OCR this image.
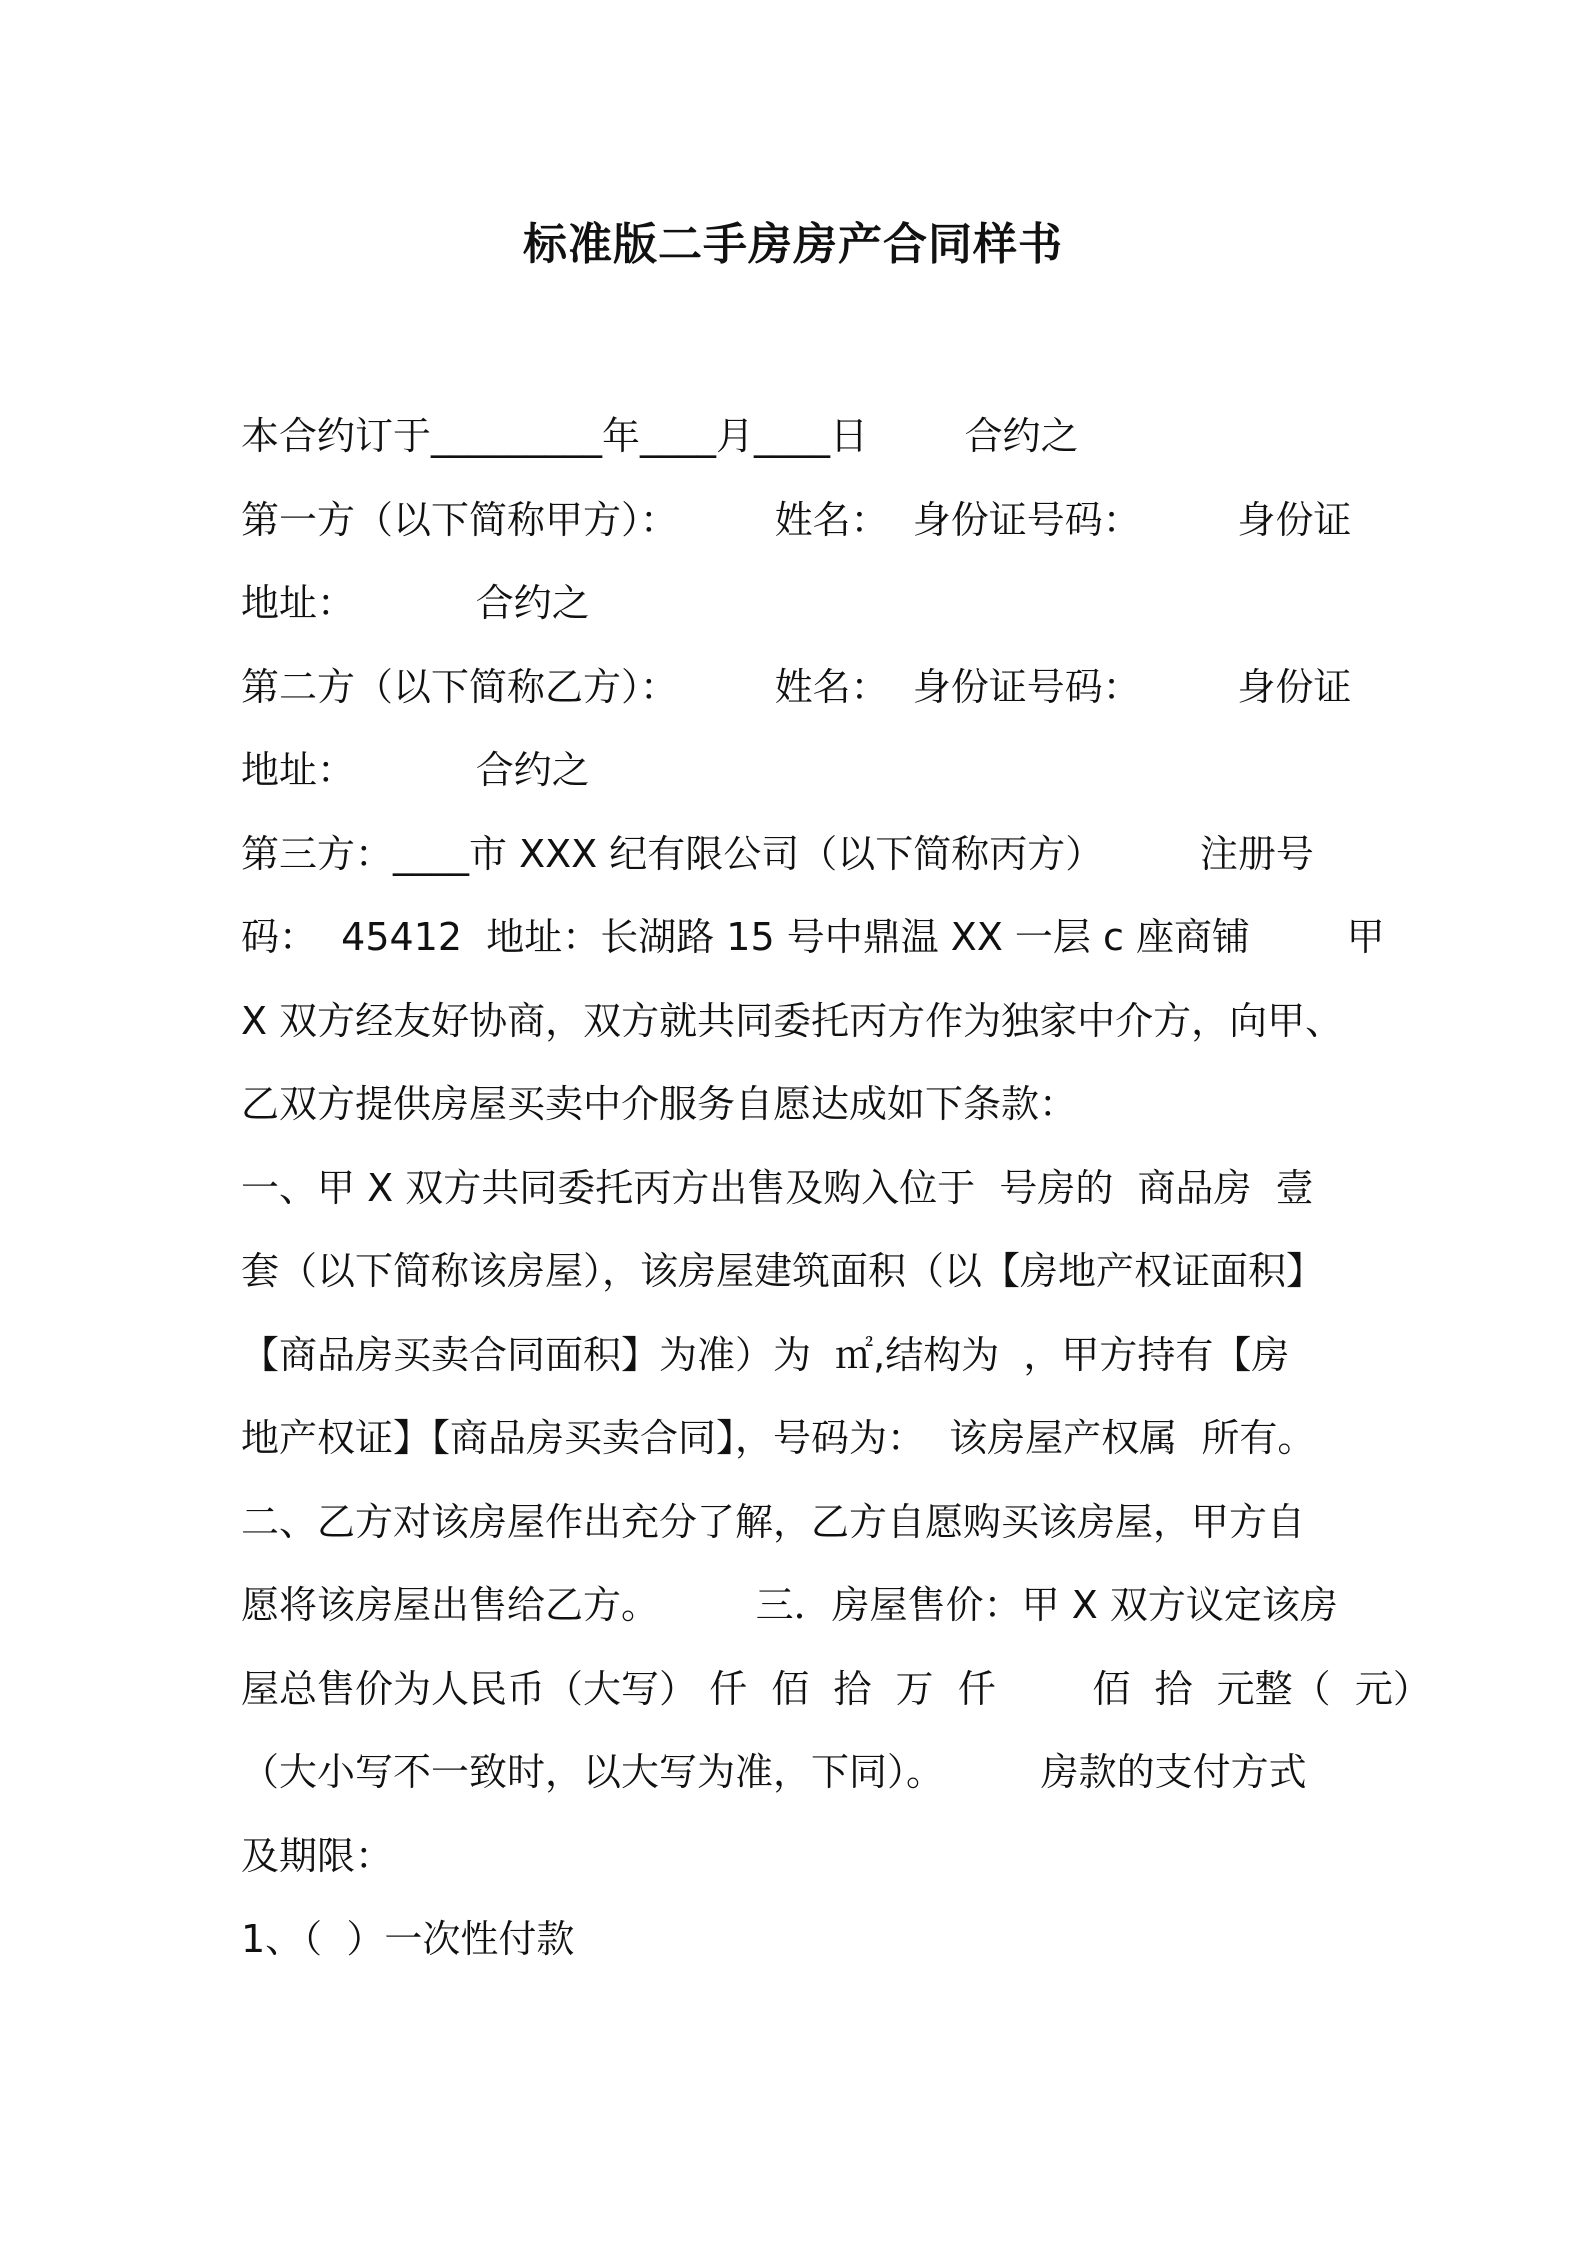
标准版二手房房产合同样书
本合约订于_________年____月____日        合约之
第一方（以下简称甲方）：        姓名：  身份证号码：        身份证
地址：          合约之
第二方（以下简称乙方）：        姓名：  身份证号码：        身份证
地址：          合约之
第三方：____市 XXX 纪有限公司（以下简称丙方）        注册号
码：  45412  地址：长湖路 15 号中鼎温 XX 一层 c 座商铺        甲
X 双方经友好协商，双方就共同委托丙方作为独家中介方，向甲、
乙双方提供房屋买卖中介服务自愿达成如下条款：
一、甲 X 双方共同委托丙方出售及购入位于  号房的  商品房  壹
套（以下简称该房屋），该房屋建筑面积（以【房地产权证面积】
【商品房买卖合同面积】为准）为  ㎡,结构为  ，甲方持有【房
地产权证】【商品房买卖合同】，号码为：  该房屋产权属  所有。
二、乙方对该房屋作出充分了解，乙方自愿购买该房屋，甲方自
愿将该房屋出售给乙方。        三．房屋售价：甲 X 双方议定该房
屋总售价为人民币（大写） 仟  佰  拾  万  仟        佰  拾  元整（  元）
（大小写不一致时，以大写为准，下同）。        房款的支付方式
及期限：
1、（  ）一次性付款
